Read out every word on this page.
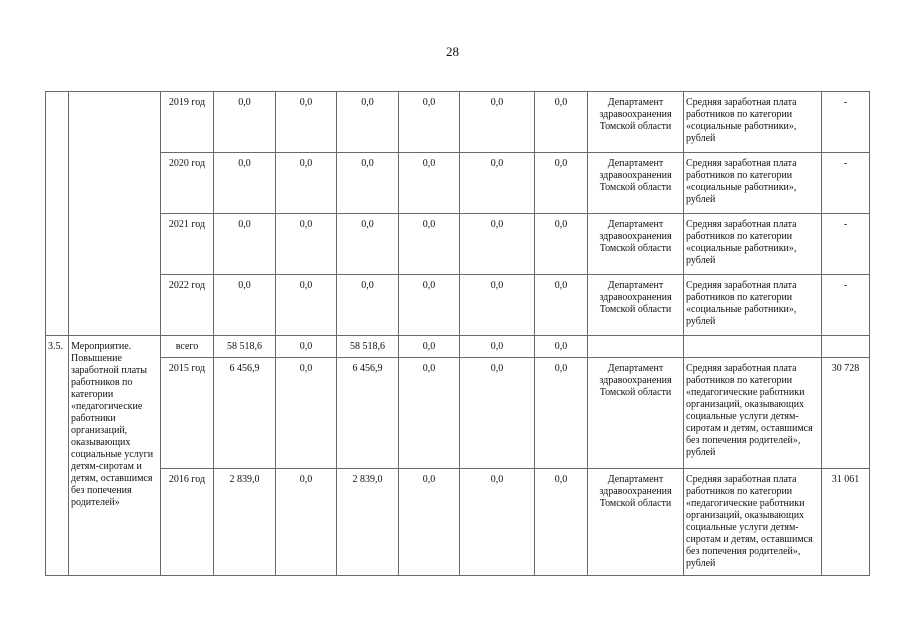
28
		2019 год	0,0	0,0	0,0	0,0	0,0	0,0	Департамент здравоохранения Томской области	Средняя заработная плата работников по категории «социальные работники», рублей	-
		2020 год	0,0	0,0	0,0	0,0	0,0	0,0	Департамент здравоохранения Томской области	Средняя заработная плата работников по категории «социальные работники», рублей	-
		2021 год	0,0	0,0	0,0	0,0	0,0	0,0	Департамент здравоохранения Томской области	Средняя заработная плата работников по категории «социальные работники», рублей	-
		2022 год	0,0	0,0	0,0	0,0	0,0	0,0	Департамент здравоохранения Томской области	Средняя заработная плата работников по категории «социальные работники», рублей	-
3.5.	Мероприятие. Повышение заработной платы работников по категории «педагогические работники организаций, оказывающих социальные услуги детям-сиротам и детям, оставшимся без попечения родителей»	всего	58 518,6	0,0	58 518,6	0,0	0,0	0,0			
		2015 год	6 456,9	0,0	6 456,9	0,0	0,0	0,0	Департамент здравоохранения Томской области	Средняя заработная плата работников по категории «педагогические работники организаций, оказывающих социальные услуги детям-сиротам и детям, оставшимся без попечения родителей», рублей	30 728
		2016 год	2 839,0	0,0	2 839,0	0,0	0,0	0,0	Департамент здравоохранения Томской области	Средняя заработная плата работников по категории «педагогические работники организаций, оказывающих социальные услуги детям-сиротам и детям, оставшимся без попечения родителей», рублей	31 061
